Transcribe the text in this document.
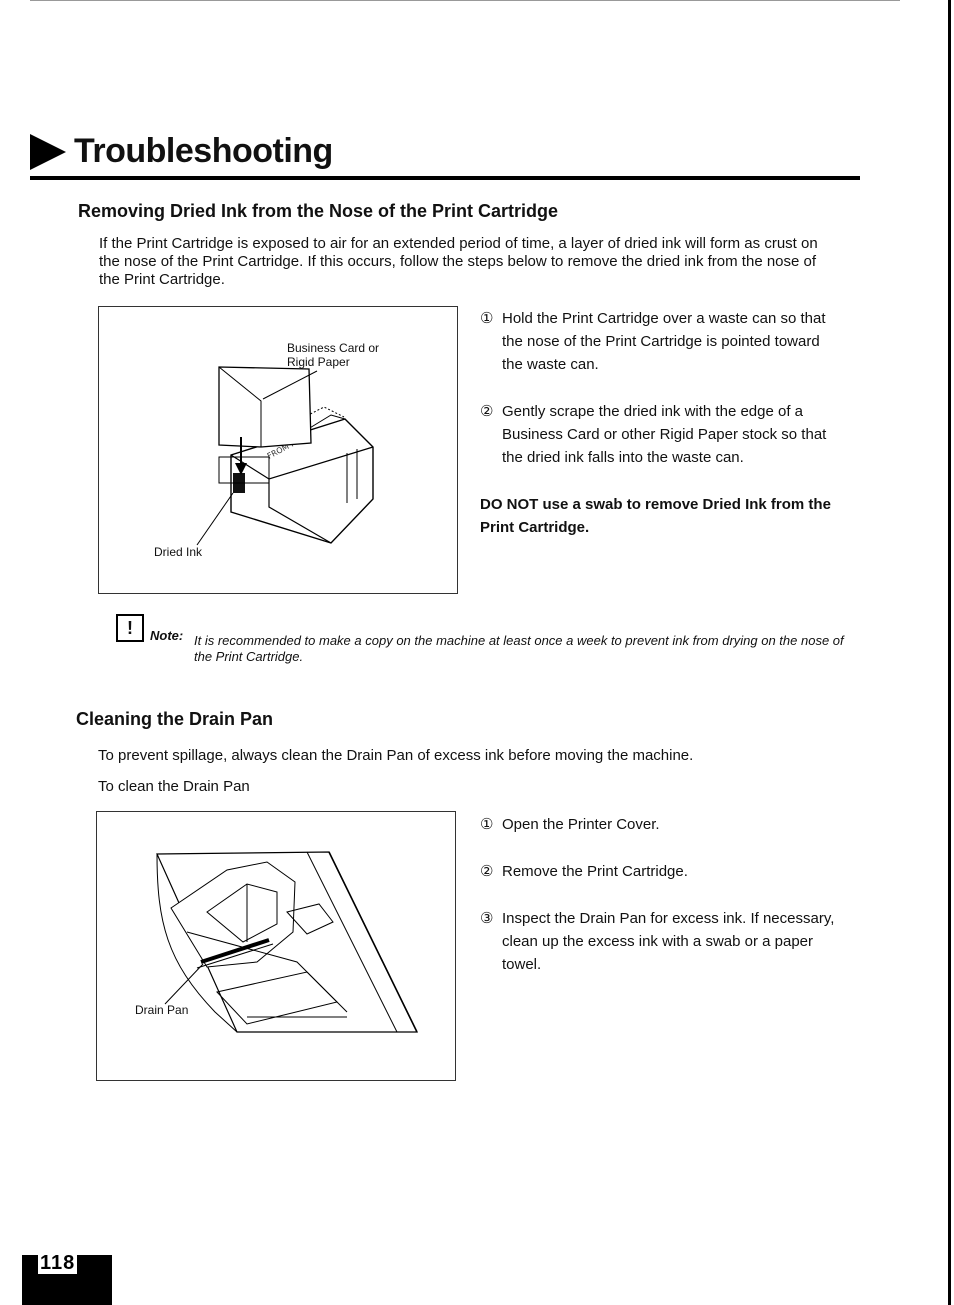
Troubleshooting
Removing Dried Ink from the Nose of the Print Cartridge

If the Print Cartridge is exposed to air for an extended period of time, a layer of dried ink will form as crust on the nose of the Print Cartridge. If this occurs, follow the steps below to remove the dried ink from the nose of the Print Cartridge.

Business Card or Rigid Paper
Dried Ink
① Hold the Print Cartridge over a waste can so that the nose of the Print Cartridge is pointed toward the waste can.
② Gently scrape the dried ink with the edge of a Business Card or other Rigid Paper stock so that the dried ink falls into the waste can.
DO NOT use a swab to remove Dried Ink from the Print Cartridge.
!	Note: It is recommended to make a copy on the machine at least once a week to prevent ink from drying on the nose of the Print Cartridge.
Cleaning the Drain Pan

To prevent spillage, always clean the Drain Pan of excess ink before moving the machine.

To clean the Drain Pan

Drain Pan
① Open the Printer Cover.
② Remove the Print Cartridge.
③ Inspect the Drain Pan for excess ink. If necessary, clean up the excess ink with a swab or a paper towel.
118
